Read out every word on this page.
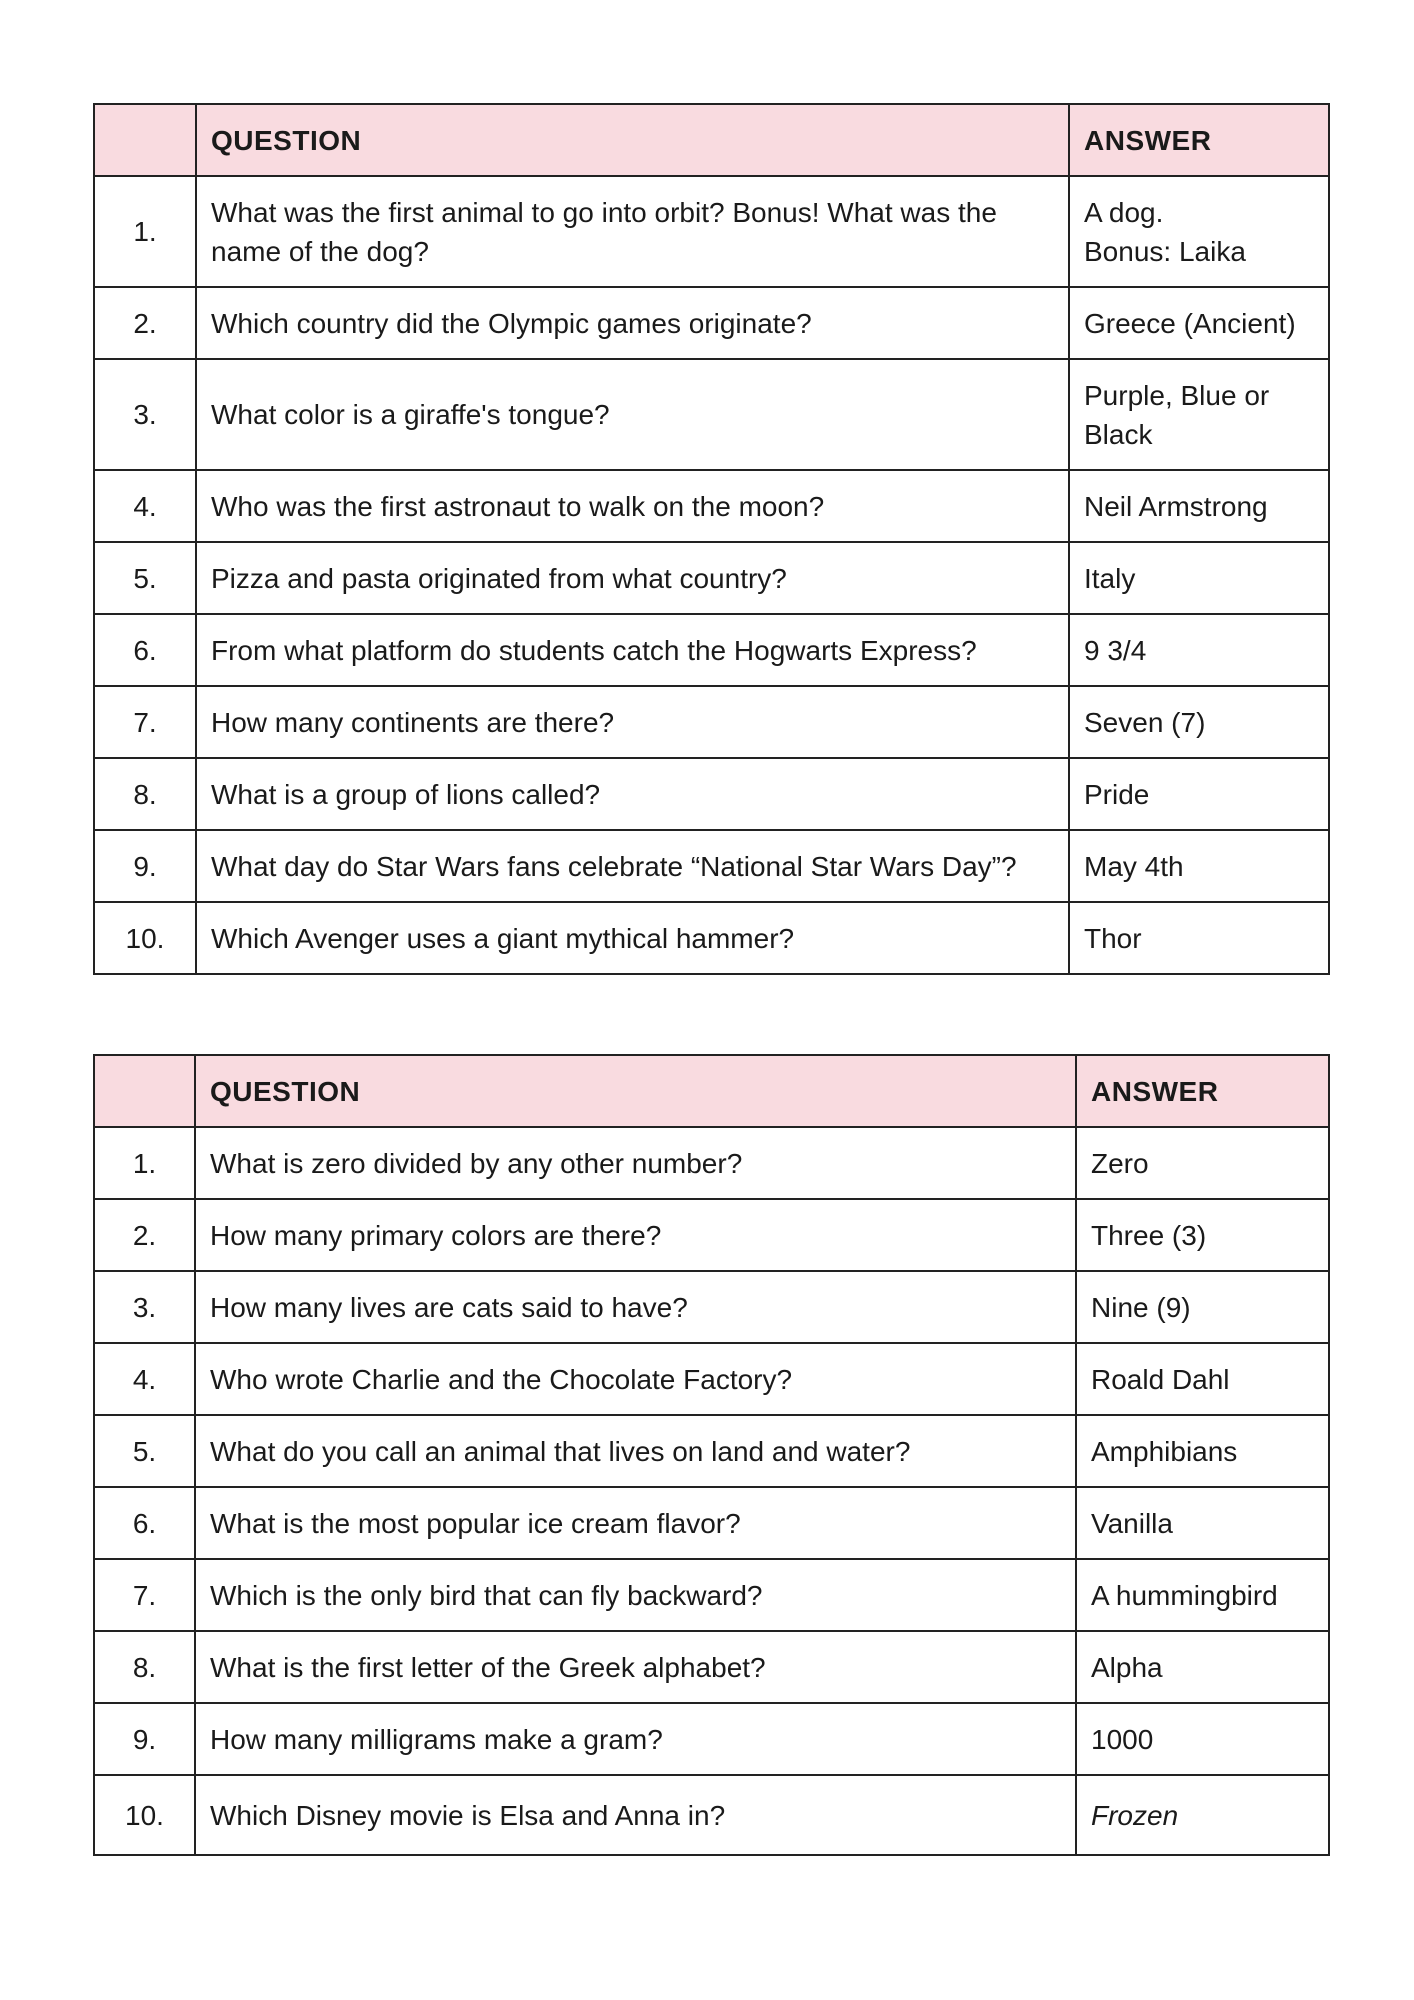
	QUESTION	ANSWER
1.	What was the first animal to go into orbit? Bonus! What was the name of the dog?	A dog.
Bonus: Laika

2.	Which country did the Olympic games originate?	Greece (Ancient)

3.	What color is a giraffe's tongue?	Purple, Blue or
Black

4.	Who was the first astronaut to walk on the moon?	Neil Armstrong

5.	Pizza and pasta originated from what country?	Italy

6.	From what platform do students catch the Hogwarts Express?	9 3/4

7.	How many continents are there?	Seven (7)

8.	What is a group of lions called?	Pride

9.	What day do Star Wars fans celebrate “National Star Wars Day”?	May 4th

10.	Which Avenger uses a giant mythical hammer?	Thor
	QUESTION	ANSWER
1.	What is zero divided by any other number?	Zero

2.	How many primary colors are there?	Three (3)

3.	How many lives are cats said to have?	Nine (9)

4.	Who wrote Charlie and the Chocolate Factory?	Roald Dahl

5.	What do you call an animal that lives on land and water?	Amphibians

6.	What is the most popular ice cream flavor?	Vanilla

7.	Which is the only bird that can fly backward?	A hummingbird

8.	What is the first letter of the Greek alphabet?	Alpha

9.	How many milligrams make a gram?	1000

10.	Which Disney movie is Elsa and Anna in?	Frozen
